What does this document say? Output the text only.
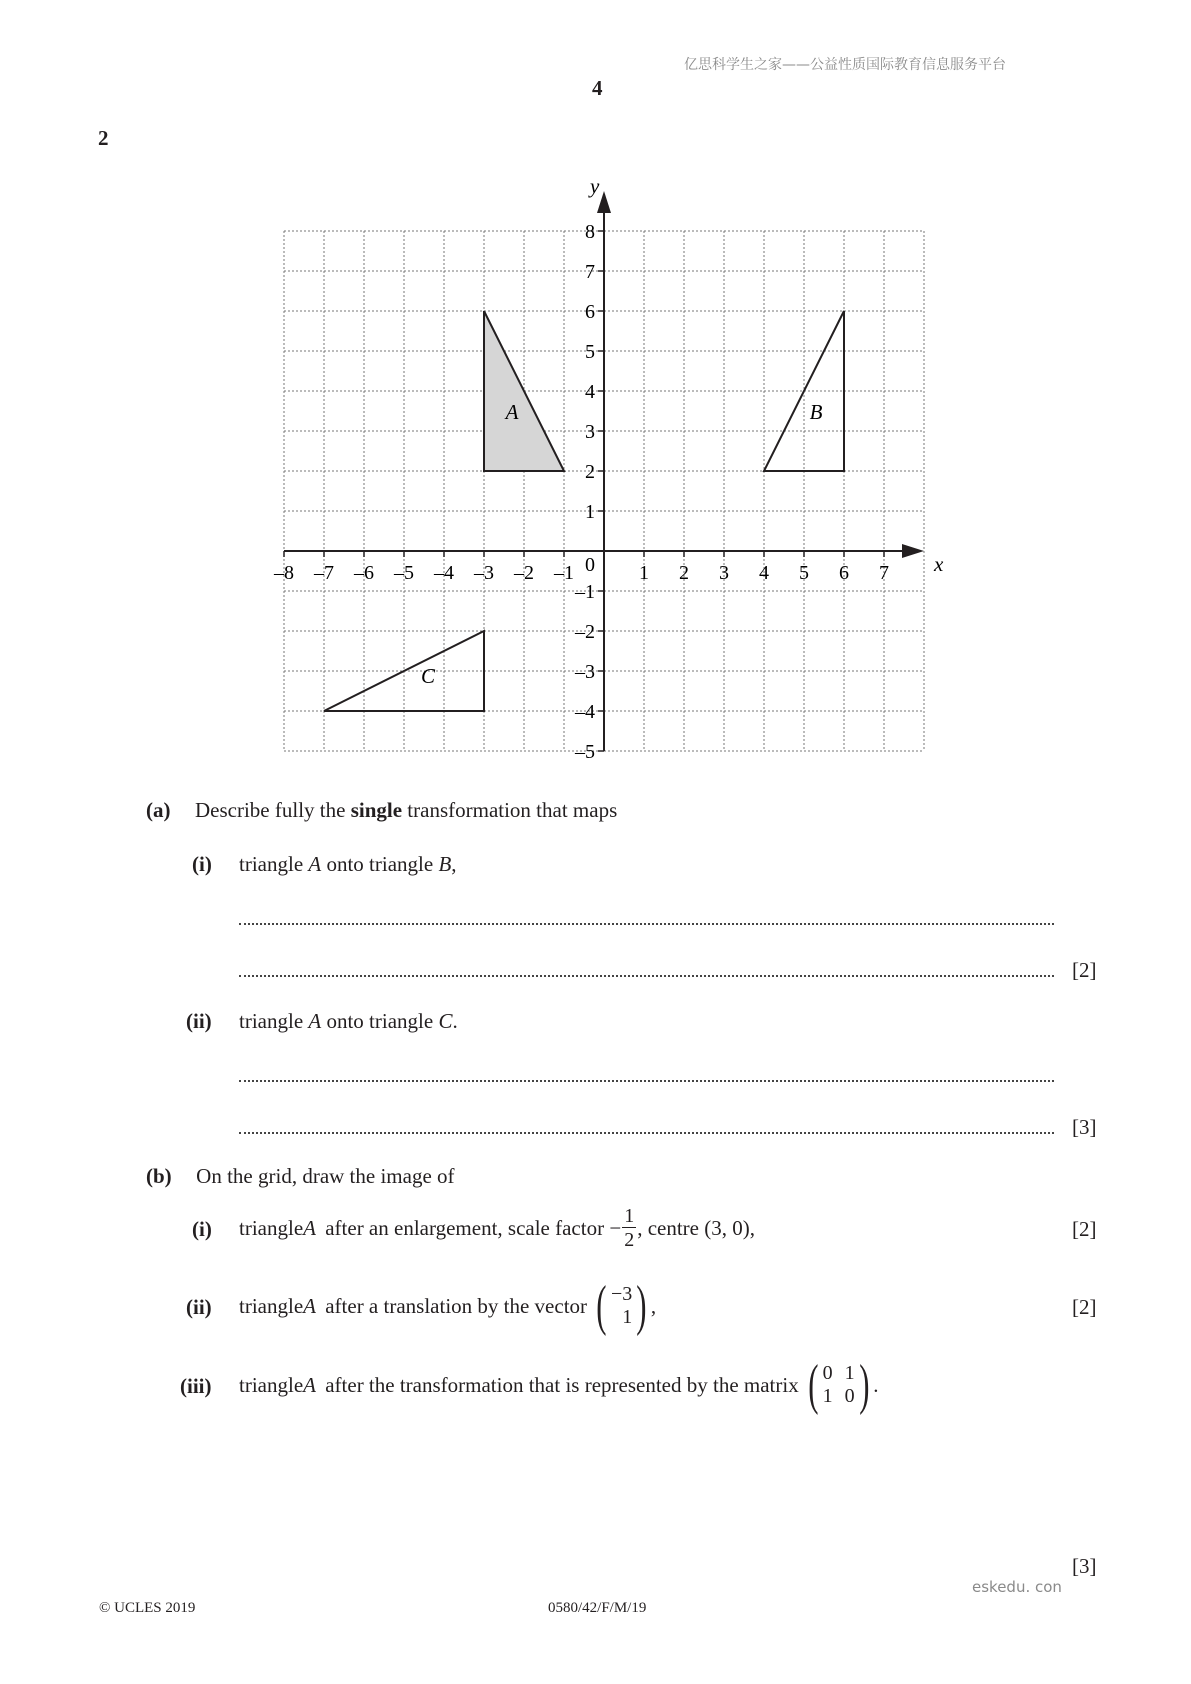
亿思科学生之家——公益性质国际教育信息服务平台
4
2
–8 –7 –6 –5 –4 –3 –2 –1	1 2 3 4 5 6 7
8
7
6
5
4
3
2
1
–1
–2
–3
–4
–5
0	x
y
A	B
C
(a) Describe fully the single transformation that maps
(i) triangle A onto triangle B,
[2]
(ii) triangle A onto triangle C.
[3]
(b) On the grid, draw the image of
(i) triangle A after an enlargement, scale factor − $\frac{1}{2}$ , centre (3, 0),	[2]
(ii) triangle A after a translation by the vector ( −3
1 ) ,	[2]
(iii) triangle A after the transformation that is represented by the matrix ( 0 1
1 0 ) .
[3]
eskedu. con
© UCLES 2019	0580/42/F/M/19
